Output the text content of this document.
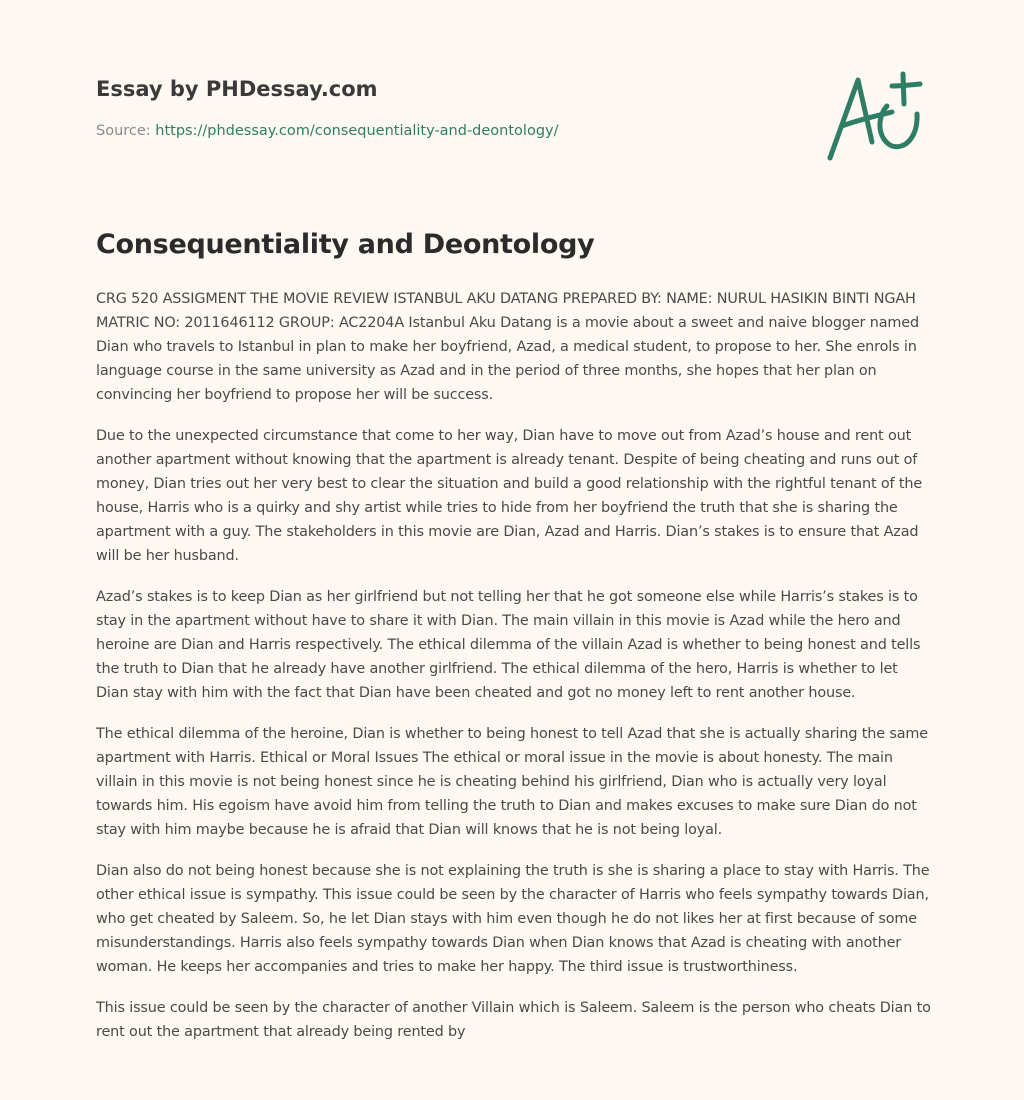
Essay by PHDessay.com
Source: https://phdessay.com/consequentiality-and-deontology/
Consequentiality and Deontology

CRG 520 ASSIGMENT THE MOVIE REVIEW ISTANBUL AKU DATANG PREPARED BY: NAME: NURUL HASIKIN BINTI NGAH MATRIC NO: 2011646112 GROUP: AC2204A Istanbul Aku Datang is a movie about a sweet and naive blogger named Dian who travels to Istanbul in plan to make her boyfriend, Azad, a medical student, to propose to her. She enrols in language course in the same university as Azad and in the period of three months, she hopes that her plan on convincing her boyfriend to propose her will be success.

Due to the unexpected circumstance that come to her way, Dian have to move out from Azad’s house and rent out another apartment without knowing that the apartment is already tenant. Despite of being cheating and runs out of money, Dian tries out her very best to clear the situation and build a good relationship with the rightful tenant of the house, Harris who is a quirky and shy artist while tries to hide from her boyfriend the truth that she is sharing the apartment with a guy. The stakeholders in this movie are Dian, Azad and Harris. Dian’s stakes is to ensure that Azad will be her husband.

Azad’s stakes is to keep Dian as her girlfriend but not telling her that he got someone else while Harris’s stakes is to stay in the apartment without have to share it with Dian. The main villain in this movie is Azad while the hero and heroine are Dian and Harris respectively. The ethical dilemma of the villain Azad is whether to being honest and tells the truth to Dian that he already have another girlfriend. The ethical dilemma of the hero, Harris is whether to let Dian stay with him with the fact that Dian have been cheated and got no money left to rent another house.

The ethical dilemma of the heroine, Dian is whether to being honest to tell Azad that she is actually sharing the same apartment with Harris. Ethical or Moral Issues The ethical or moral issue in the movie is about honesty. The main villain in this movie is not being honest since he is cheating behind his girlfriend, Dian who is actually very loyal towards him. His egoism have avoid him from telling the truth to Dian and makes excuses to make sure Dian do not stay with him maybe because he is afraid that Dian will knows that he is not being loyal.

Dian also do not being honest because she is not explaining the truth is she is sharing a place to stay with Harris. The other ethical issue is sympathy. This issue could be seen by the character of Harris who feels sympathy towards Dian, who get cheated by Saleem. So, he let Dian stays with him even though he do not likes her at first because of some misunderstandings. Harris also feels sympathy towards Dian when Dian knows that Azad is cheating with another woman. He keeps her accompanies and tries to make her happy. The third issue is trustworthiness.

This issue could be seen by the character of another Villain which is Saleem. Saleem is the person who cheats Dian to rent out the apartment that already being rented by
